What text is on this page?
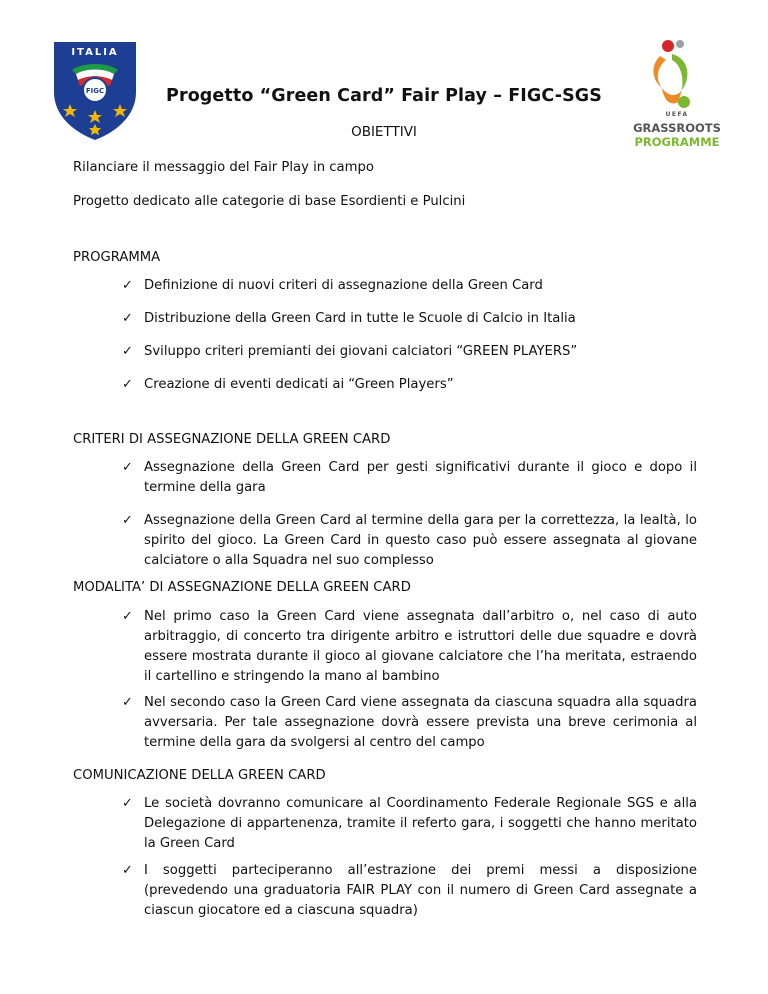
ITALIA
FIGC
UEFA
GRASSROOTS
PROGRAMME
Progetto “Green Card” Fair Play – FIGC-SGS
OBIETTIVI

Rilanciare il messaggio del Fair Play in campo

Progetto dedicato alle categorie di base Esordienti e Pulcini

PROGRAMMA

✓ Definizione di nuovi criteri di assegnazione della Green Card
✓ Distribuzione della Green Card in tutte le Scuole di Calcio in Italia
✓ Sviluppo criteri premianti dei giovani calciatori “GREEN PLAYERS”
✓ Creazione di eventi dedicati ai “Green Players”

CRITERI DI ASSEGNAZIONE DELLA GREEN CARD

✓ Assegnazione della Green Card per gesti significativi durante il gioco e dopo il termine della gara
✓ Assegnazione della Green Card al termine della gara per la correttezza, la lealtà, lo spirito del gioco. La Green Card in questo caso può essere assegnata al giovane calciatore o alla Squadra nel suo complesso

MODALITA’ DI ASSEGNAZIONE DELLA GREEN CARD

✓ Nel primo caso la Green Card viene assegnata dall’arbitro o, nel caso di auto arbitraggio, di concerto tra dirigente arbitro e istruttori delle due squadre e dovrà essere mostrata durante il gioco al giovane calciatore che l’ha meritata, estraendo il cartellino e stringendo la mano al bambino
✓ Nel secondo caso la Green Card viene assegnata da ciascuna squadra alla squadra avversaria. Per tale assegnazione dovrà essere prevista una breve cerimonia al termine della gara da svolgersi al centro del campo

COMUNICAZIONE DELLA GREEN CARD

✓ Le società dovranno comunicare al Coordinamento Federale Regionale SGS e alla Delegazione di appartenenza, tramite il referto gara, i soggetti che hanno meritato la Green Card
✓ I soggetti parteciperanno all’estrazione dei premi messi a disposizione (prevedendo una graduatoria FAIR PLAY con il numero di Green Card assegnate a ciascun giocatore ed a ciascuna squadra)
